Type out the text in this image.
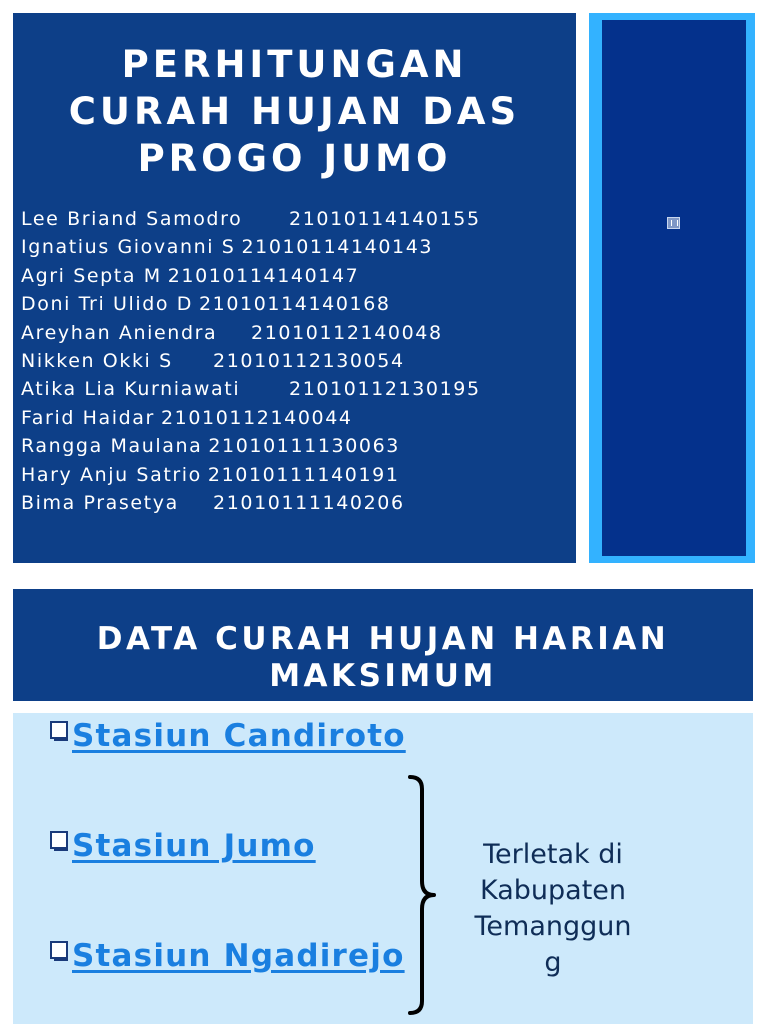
PERHITUNGAN
CURAH HUJAN DAS
PROGO JUMO
Lee Briand Samodro 21010114140155
Ignatius Giovanni S 21010114140143
Agri Septa M 21010114140147
Doni Tri Ulido D 21010114140168
Areyhan Aniendra 21010112140048
Nikken Okki S 21010112130054
Atika Lia Kurniawati	21010112130195
Farid Haidar 21010112140044
Rangga Maulana 21010111130063
Hary Anju Satrio 21010111140191
Bima Prasetya 21010111140206
DATA CURAH HUJAN HARIAN
MAKSIMUM
Stasiun Candiroto
Stasiun Jumo
Stasiun Ngadirejo
Terletak di
Kabupaten
Temanggun
g
